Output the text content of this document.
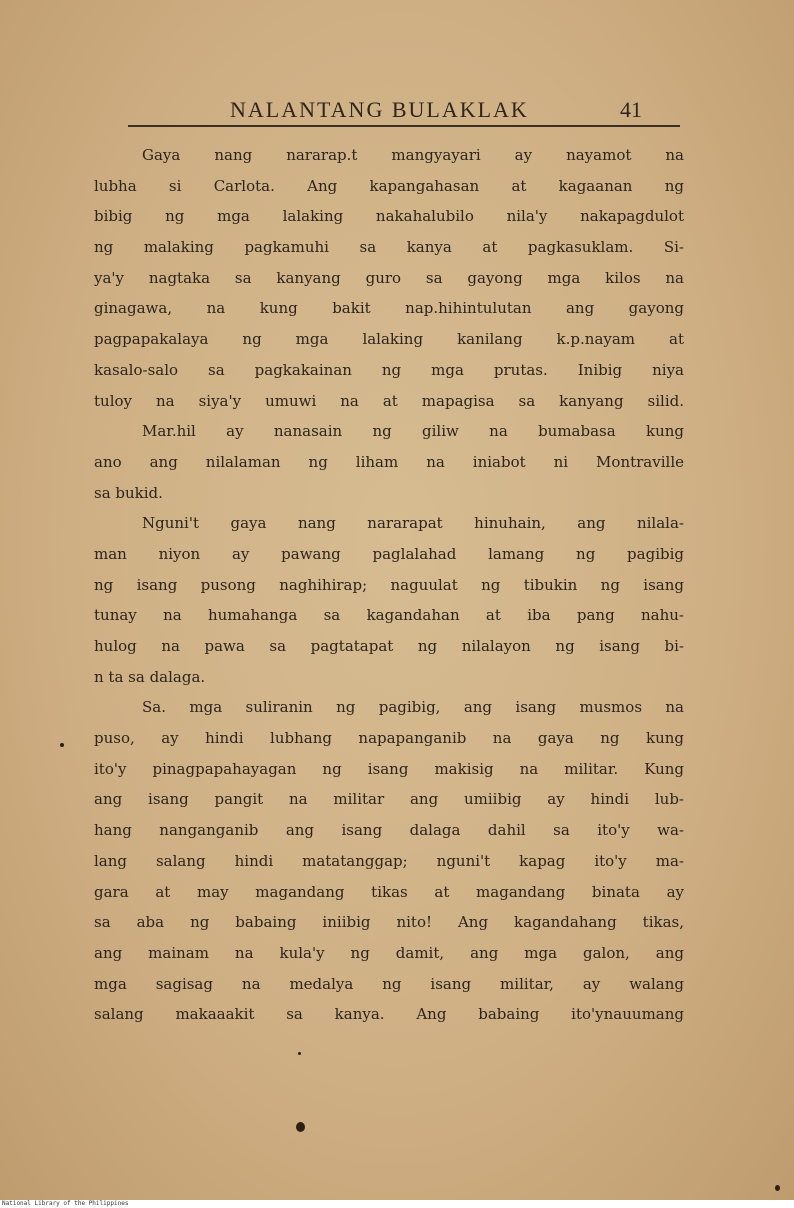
NALANTANG BULAKLAK	41
Gaya nang nararap.t mangyayari ay nayamot na
lubha si Carlota. Ang kapangahasan at kagaanan ng
bibig ng mga lalaking nakahalubilo nila'y nakapagdulot
ng malaking pagkamuhi sa kanya at pagkasuklam. Si-
ya'y nagtaka sa kanyang guro sa gayong mga kilos na
ginagawa, na kung bakit nap.hihintulutan ang gayong
pagpapakalaya ng mga lalaking kanilang k.p.nayam at
kasalo-salo sa pagkakainan ng mga prutas. Inibig niya
tuloy na siya'y umuwi na at mapagisa sa kanyang silid.
Mar.hil ay nanasain ng giliw na bumabasa kung
ano ang nilalaman ng liham na iniabot ni Montraville
sa bukid.
Nguni't gaya nang nararapat hinuhain, ang nilala-
man niyon ay pawang paglalahad lamang ng pagibig
ng isang pusong naghihirap; naguulat ng tibukin ng isang
tunay na humahanga sa kagandahan at iba pang nahu-
hulog na pawa sa pagtatapat ng nilalayon ng isang bi-
n ta sa dalaga.
Sa. mga suliranin ng pagibig, ang isang musmos na
puso, ay hindi lubhang napapanganib na gaya ng kung
ito'y pinagpapahayagan ng isang makisig na militar. Kung
ang isang pangit na militar ang umiibig ay hindi lub-
hang nanganganib ang isang dalaga dahil sa ito'y wa-
lang salang hindi matatanggap; nguni't kapag ito'y ma-
gara at may magandang tikas at magandang binata ay
sa aba ng babaing iniibig nito! Ang kagandahang tikas,
ang mainam na kula'y ng damit, ang mga galon, ang
mga sagisag na medalya ng isang militar, ay walang
salang makaaakit sa kanya. Ang babaing ito'ynauumang
National Library of the Philippines
